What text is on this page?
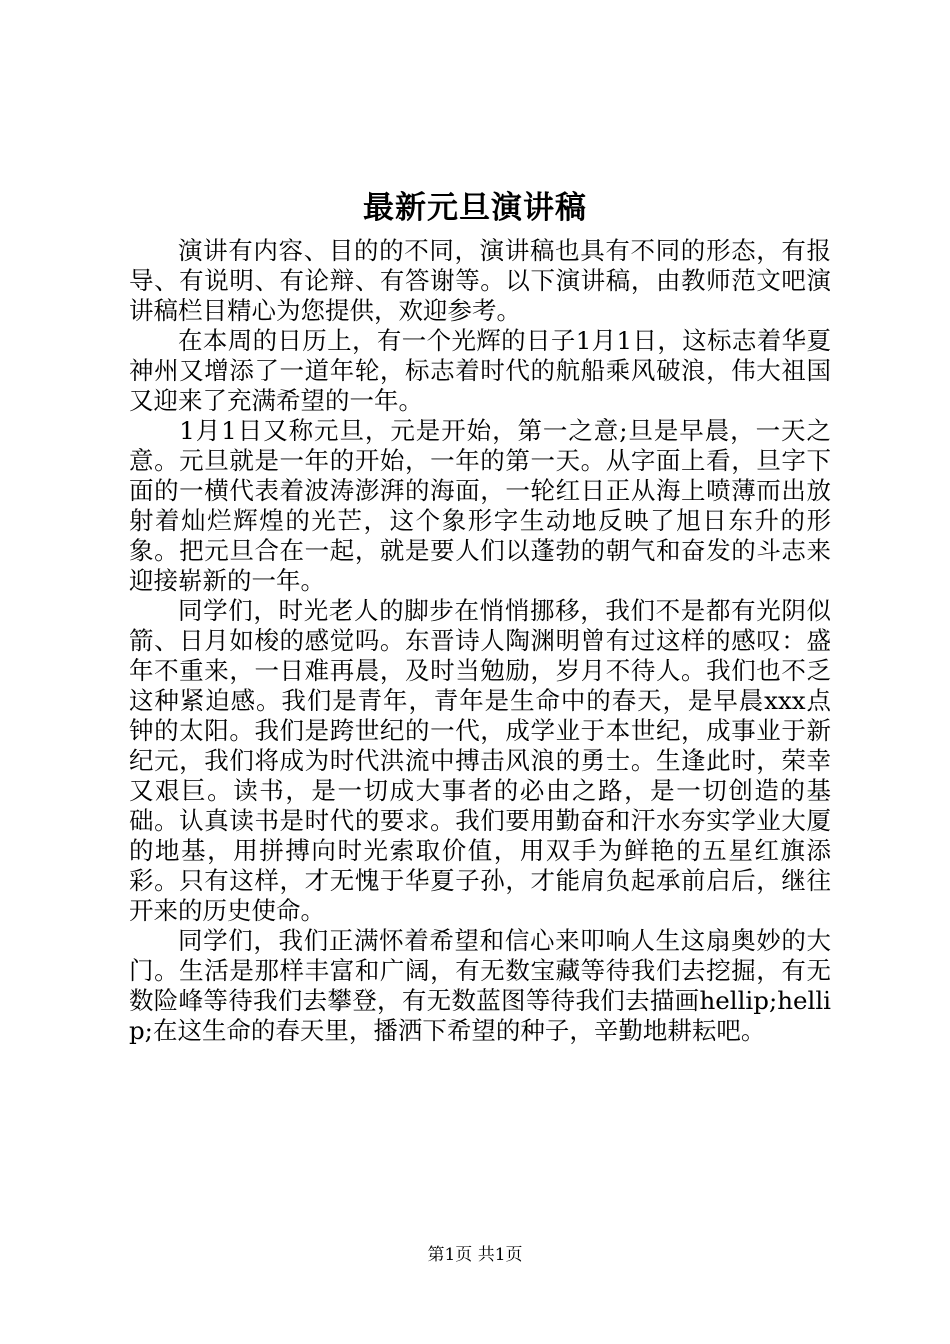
最新元旦演讲稿

演讲有内容、目的的不同，演讲稿也具有不同的形态，有报导、有说明、有论辩、有答谢等。以下演讲稿，由教师范文吧演讲稿栏目精心为您提供，欢迎参考。

在本周的日历上，有一个光辉的日子1月1日，这标志着华夏神州又增添了一道年轮，标志着时代的航船乘风破浪，伟大祖国又迎来了充满希望的一年。

1月1日又称元旦，元是开始，第一之意;旦是早晨，一天之意。元旦就是一年的开始，一年的第一天。从字面上看，旦字下面的一横代表着波涛澎湃的海面，一轮红日正从海上喷薄而出放射着灿烂辉煌的光芒，这个象形字生动地反映了旭日东升的形象。把元旦合在一起，就是要人们以蓬勃的朝气和奋发的斗志来迎接崭新的一年。

同学们，时光老人的脚步在悄悄挪移，我们不是都有光阴似箭、日月如梭的感觉吗。东晋诗人陶渊明曾有过这样的感叹：盛年不重来，一日难再晨，及时当勉励，岁月不待人。我们也不乏这种紧迫感。我们是青年，青年是生命中的春天，是早晨xxx点钟的太阳。我们是跨世纪的一代，成学业于本世纪，成事业于新纪元，我们将成为时代洪流中搏击风浪的勇士。生逢此时，荣幸又艰巨。读书，是一切成大事者的必由之路，是一切创造的基础。认真读书是时代的要求。我们要用勤奋和汗水夯实学业大厦的地基，用拼搏向时光索取价值，用双手为鲜艳的五星红旗添彩。只有这样，才无愧于华夏子孙，才能肩负起承前启后，继往开来的历史使命。

同学们，我们正满怀着希望和信心来叩响人生这扇奥妙的大门。生活是那样丰富和广阔，有无数宝藏等待我们去挖掘，有无数险峰等待我们去攀登，有无数蓝图等待我们去描画hellip;hellip;在这生命的春天里，播洒下希望的种子，辛勤地耕耘吧。

第1页 共1页
